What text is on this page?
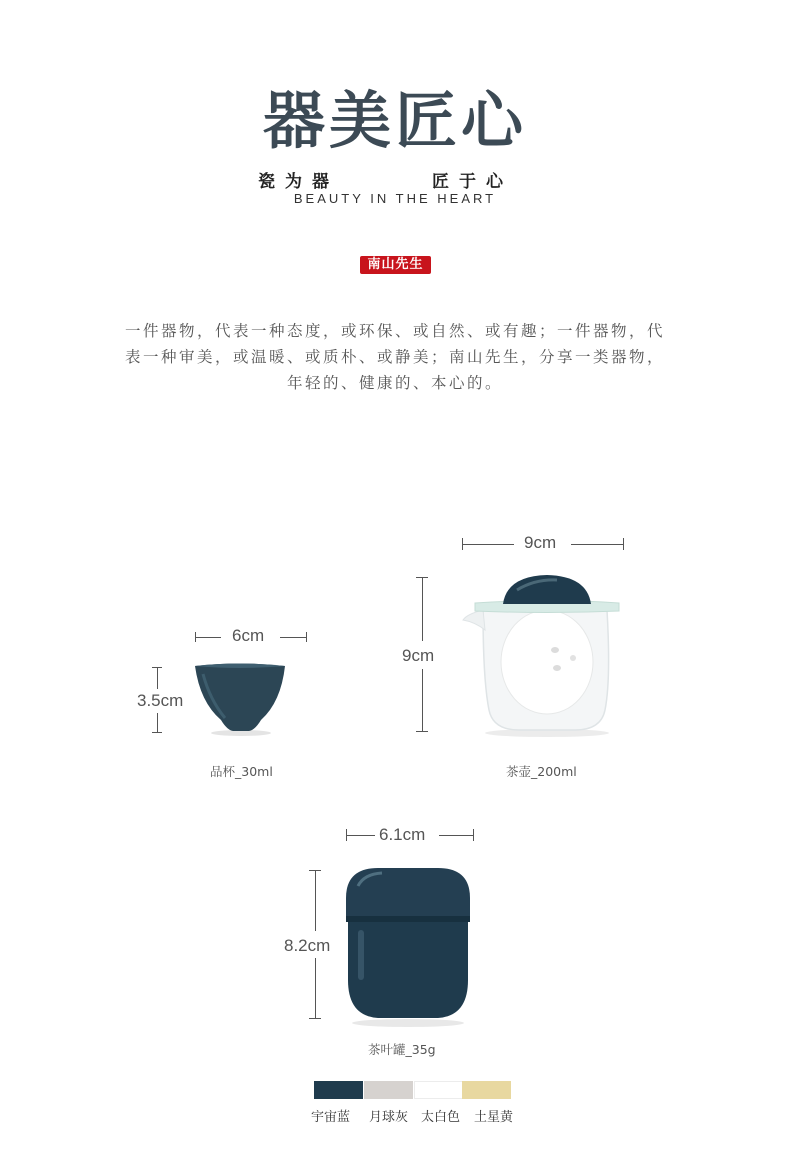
器美匠心
瓷为器	匠于心
BEAUTY IN THE HEART
南山先生
一件器物，代表一种态度，或环保、或自然、或有趣；一件器物，代表一种审美，或温暖、或质朴、或静美；南山先生，分享一类器物，年轻的、健康的、本心的。
6cm
3.5cm
品杯_30ml
9cm
9cm
茶壶_200ml
6.1cm
8.2cm
茶叶罐_35g
宇宙蓝 月球灰 太白色 土星黄
